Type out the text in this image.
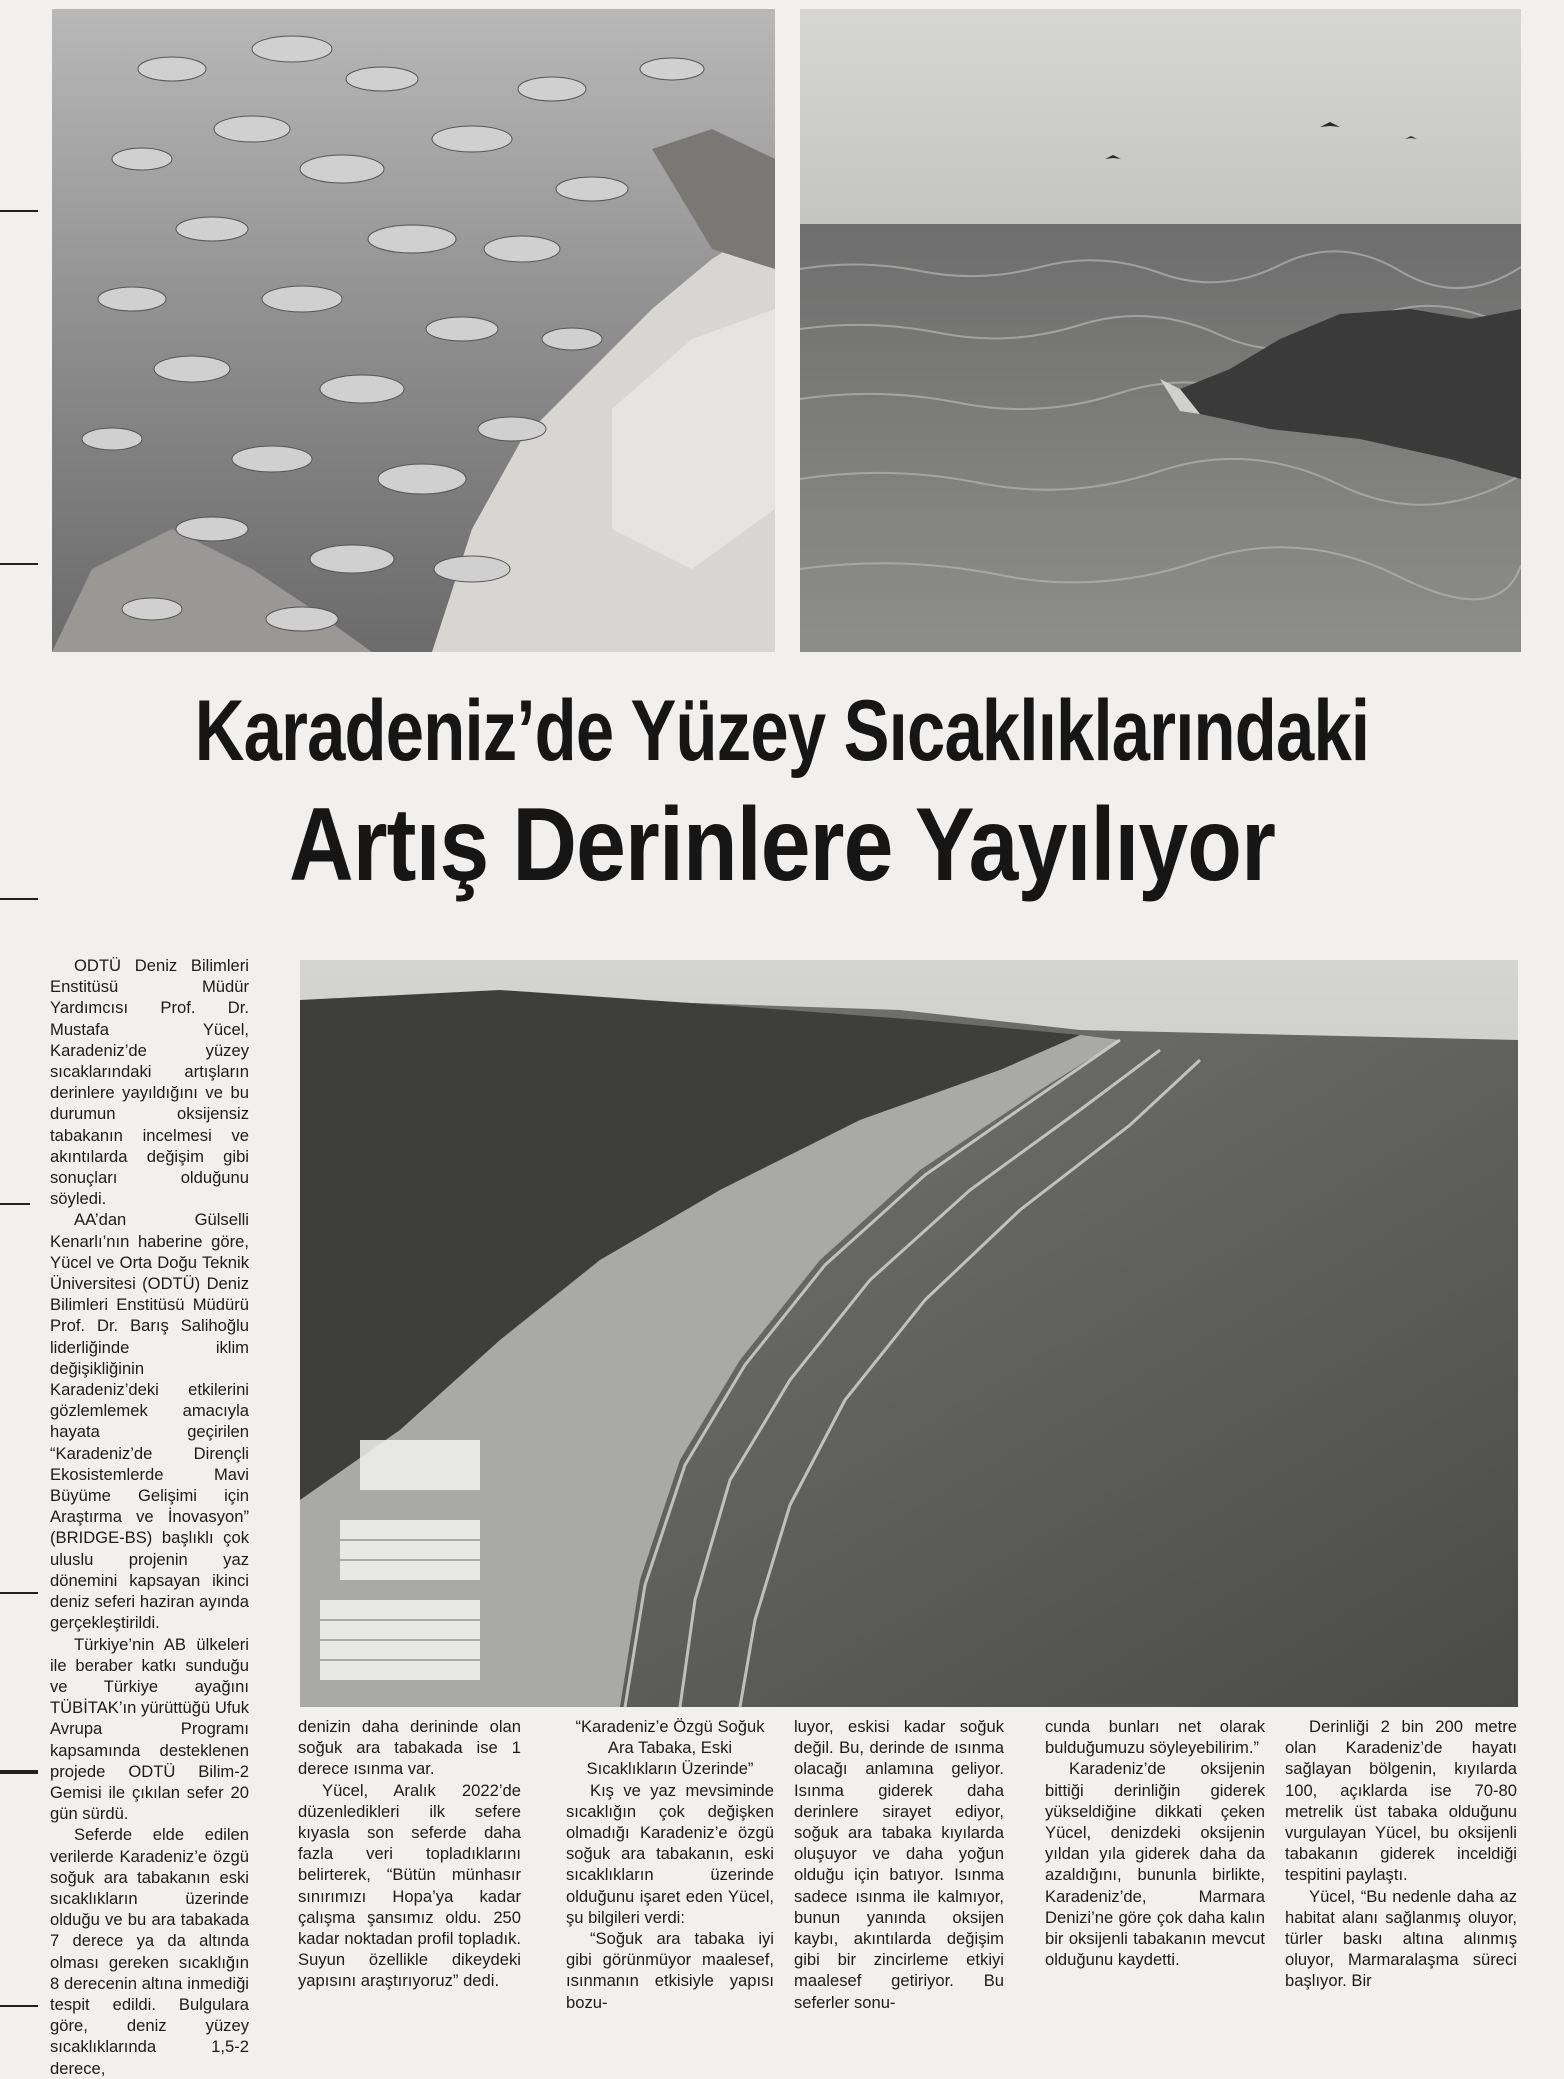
Karadeniz’de Yüzey Sıcaklıklarındaki
Artış Derinlere Yayılıyor

ODTÜ Deniz Bilimleri Enstitüsü Müdür Yardımcısı Prof. Dr. Mustafa Yücel, Karadeniz’de yüzey sıcaklarındaki artışların derinlere yayıldığını ve bu durumun oksijensiz tabakanın incelmesi ve akıntılarda değişim gibi sonuçları olduğunu söyledi.

AA’dan Gülselli Kenarlı’nın haberine göre, Yücel ve Orta Doğu Teknik Üniversitesi (ODTÜ) Deniz Bilimleri Enstitüsü Müdürü Prof. Dr. Barış Salihoğlu liderliğinde iklim değişikliğinin Karadeniz’deki etkilerini gözlemlemek amacıyla hayata geçirilen “Karadeniz’de Dirençli Ekosistemlerde Mavi Büyüme Gelişimi için Araştırma ve İnovasyon” (BRIDGE-BS) başlıklı çok uluslu projenin yaz dönemini kapsayan ikinci deniz seferi haziran ayında gerçekleştirildi.

Türkiye’nin AB ülkeleri ile beraber katkı sunduğu ve Türkiye ayağını TÜBİTAK’ın yürüttüğü Ufuk Avrupa Programı kapsamında desteklenen projede ODTÜ Bilim-2 Gemisi ile çıkılan sefer 20 gün sürdü.

Seferde elde edilen verilerde Karadeniz’e özgü soğuk ara tabakanın eski sıcaklıkların üzerinde olduğu ve bu ara tabakada 7 derece ya da altında olması gereken sıcaklığın 8 derecenin altına inmediği tespit edildi. Bulgulara göre, deniz yüzey sıcaklıklarında 1,5-2 derece,

denizin daha derininde olan soğuk ara tabakada ise 1 derece ısınma var.

Yücel, Aralık 2022’de düzenledikleri ilk sefere kıyasla son seferde daha fazla veri topladıklarını belirterek, “Bütün münhasır sınırımızı Hopa’ya kadar çalışma şansımız oldu. 250 kadar noktadan profil topladık. Suyun özellikle dikeydeki yapısını araştırıyoruz” dedi.

“Karadeniz’e Özgü Soğuk Ara Tabaka, Eski Sıcaklıkların Üzerinde”

Kış ve yaz mevsiminde sıcaklığın çok değişken olmadığı Karadeniz’e özgü soğuk ara tabakanın, eski sıcaklıkların üzerinde olduğunu işaret eden Yücel, şu bilgileri verdi:

“Soğuk ara tabaka iyi gibi görünmüyor maalesef, ısınmanın etkisiyle yapısı bozu-

luyor, eskisi kadar soğuk değil. Bu, derinde de ısınma olacağı anlamına geliyor. Isınma giderek daha derinlere sirayet ediyor, soğuk ara tabaka kıyılarda oluşuyor ve daha yoğun olduğu için batıyor. Isınma sadece ısınma ile kalmıyor, bunun yanında oksijen kaybı, akıntılarda değişim gibi bir zincirleme etkiyi maalesef getiriyor. Bu seferler sonu-

cunda bunları net olarak bulduğumuzu söyleyebilirim.”

Karadeniz’de oksijenin bittiği derinliğin giderek yükseldiğine dikkati çeken Yücel, denizdeki oksijenin yıldan yıla giderek daha da azaldığını, bununla birlikte, Karadeniz’de, Marmara Denizi’ne göre çok daha kalın bir oksijenli tabakanın mevcut olduğunu kaydetti.

Derinliği 2 bin 200 metre olan Karadeniz’de hayatı sağlayan bölgenin, kıyılarda 100, açıklarda ise 70-80 metrelik üst tabaka olduğunu vurgulayan Yücel, bu oksijenli tabakanın giderek inceldiği tespitini paylaştı.

Yücel, “Bu nedenle daha az habitat alanı sağlanmış oluyor, türler baskı altına alınmış oluyor, Marmaralaşma süreci başlıyor. Bir
